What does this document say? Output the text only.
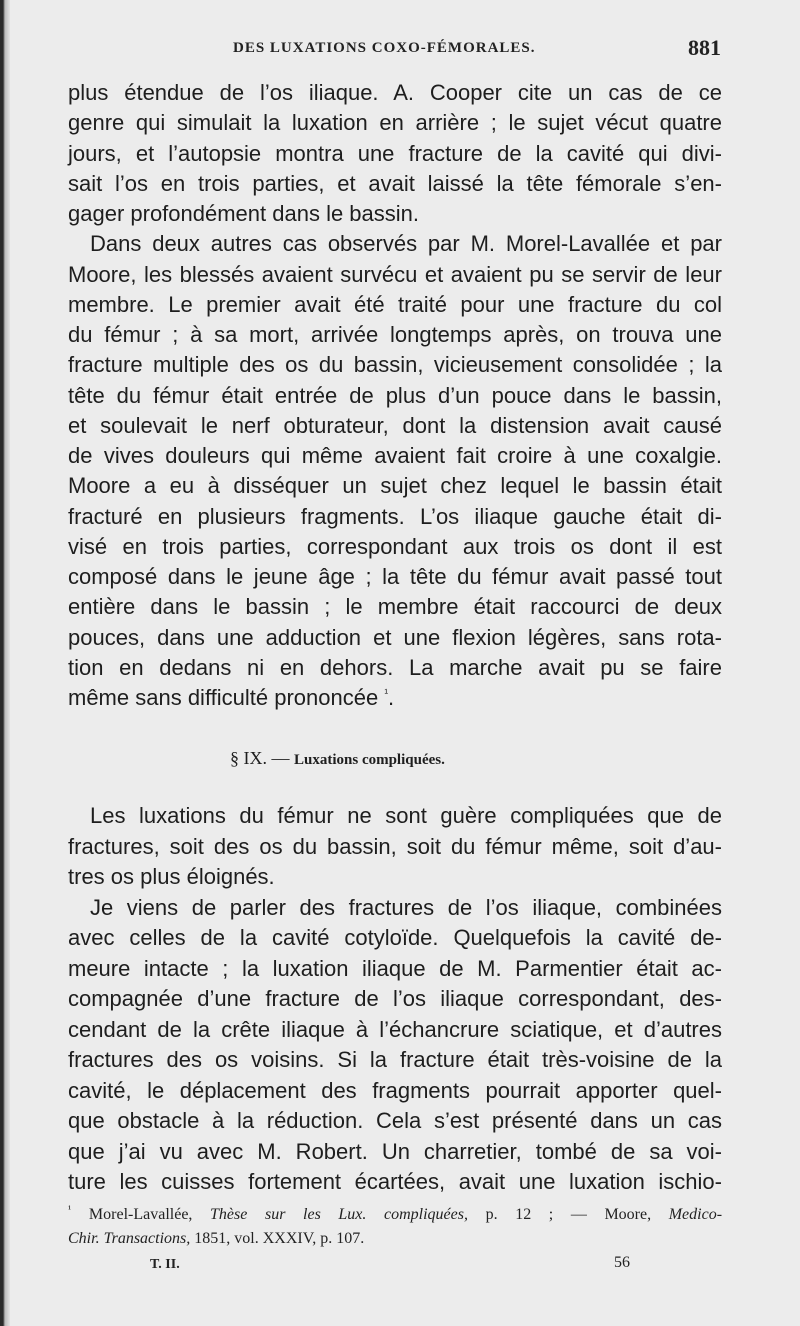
DES LUXATIONS COXO-FÉMORALES.	881
plus étendue de l’os iliaque. A. Cooper cite un cas de ce
genre qui simulait la luxation en arrière ; le sujet vécut quatre
jours, et l’autopsie montra une fracture de la cavité qui divi-
sait l’os en trois parties, et avait laissé la tête fémorale s’en-
gager profondément dans le bassin.
Dans deux autres cas observés par M. Morel-Lavallée et par
Moore, les blessés avaient survécu et avaient pu se servir de leur
membre. Le premier avait été traité pour une fracture du col
du fémur ; à sa mort, arrivée longtemps après, on trouva une
fracture multiple des os du bassin, vicieusement consolidée ; la
tête du fémur était entrée de plus d’un pouce dans le bassin,
et soulevait le nerf obturateur, dont la distension avait causé
de vives douleurs qui même avaient fait croire à une coxalgie.
Moore a eu à disséquer un sujet chez lequel le bassin était
fracturé en plusieurs fragments. L’os iliaque gauche était di-
visé en trois parties, correspondant aux trois os dont il est
composé dans le jeune âge ; la tête du fémur avait passé tout
entière dans le bassin ; le membre était raccourci de deux
pouces, dans une adduction et une flexion légères, sans rota-
tion en dedans ni en dehors. La marche avait pu se faire
même sans difficulté prononcée $^{^1}$.
§ IX. — Luxations compliquées.
Les luxations du fémur ne sont guère compliquées que de
fractures, soit des os du bassin, soit du fémur même, soit d’au-
tres os plus éloignés.
Je viens de parler des fractures de l’os iliaque, combinées
avec celles de la cavité cotyloïde. Quelquefois la cavité de-
meure intacte ; la luxation iliaque de M. Parmentier était ac-
compagnée d’une fracture de l’os iliaque correspondant, des-
cendant de la crête iliaque à l’échancrure sciatique, et d’autres
fractures des os voisins. Si la fracture était très-voisine de la
cavité, le déplacement des fragments pourrait apporter quel-
que obstacle à la réduction. Cela s’est présenté dans un cas
que j’ai vu avec M. Robert. Un charretier, tombé de sa voi-
ture les cuisses fortement écartées, avait une luxation ischio-
$^{^1}$ Morel-Lavallée, Thèse sur les Lux. compliquées, p. 12 ; — Moore, Medico-
Chir. Transactions, 1851, vol. XXXIV, p. 107.
T. II.	56
